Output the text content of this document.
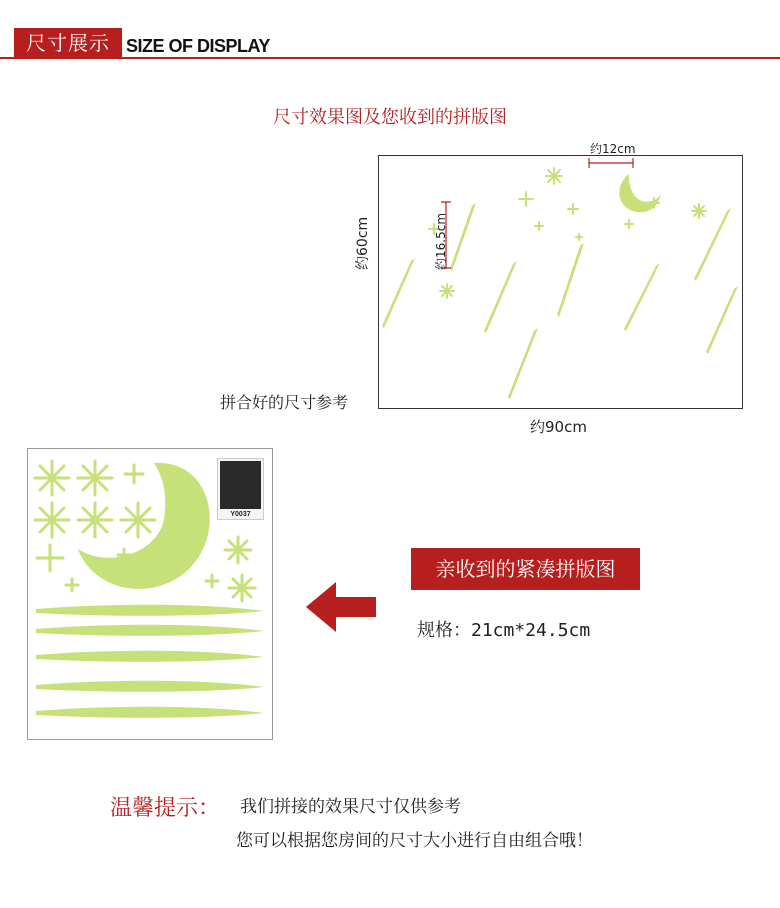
尺寸展示 SIZE OF DISPLAY
尺寸效果图及您收到的拼版图
约12cm
约16.5cm
约60cm
约90cm
拼合好的尺寸参考
Y0037
亲收到的紧凑拼版图
规格：21cm*24.5cm
温馨提示： 我们拼接的效果尺寸仅供参考
您可以根据您房间的尺寸大小进行自由组合哦！
